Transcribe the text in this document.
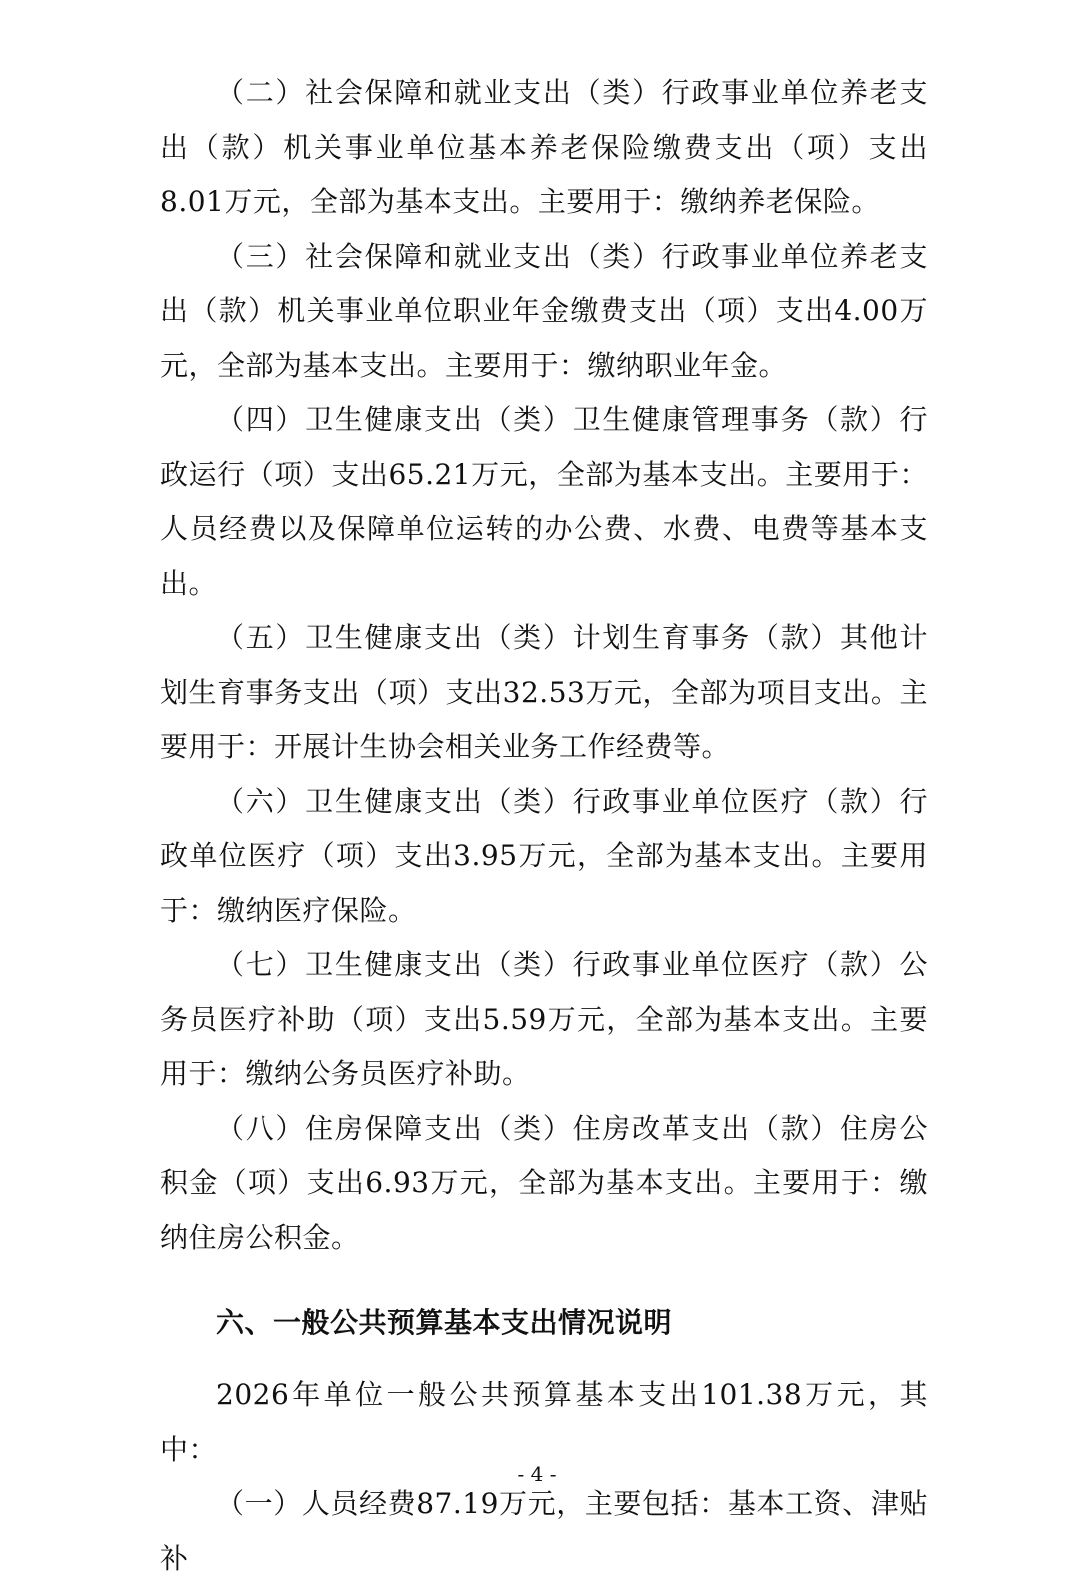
（二）社会保障和就业支出（类）行政事业单位养老支出（款）机关事业单位基本养老保险缴费支出（项）支出8.01万元，全部为基本支出。主要用于：缴纳养老保险。

（三）社会保障和就业支出（类）行政事业单位养老支出（款）机关事业单位职业年金缴费支出（项）支出4.00万元，全部为基本支出。主要用于：缴纳职业年金。

（四）卫生健康支出（类）卫生健康管理事务（款）行政运行（项）支出65.21万元，全部为基本支出。主要用于：人员经费以及保障单位运转的办公费、水费、电费等基本支出。

（五）卫生健康支出（类）计划生育事务（款）其他计划生育事务支出（项）支出32.53万元，全部为项目支出。主要用于：开展计生协会相关业务工作经费等。

（六）卫生健康支出（类）行政事业单位医疗（款）行政单位医疗（项）支出3.95万元，全部为基本支出。主要用于：缴纳医疗保险。

（七）卫生健康支出（类）行政事业单位医疗（款）公务员医疗补助（项）支出5.59万元，全部为基本支出。主要用于：缴纳公务员医疗补助。

（八）住房保障支出（类）住房改革支出（款）住房公积金（项）支出6.93万元，全部为基本支出。主要用于：缴纳住房公积金。

六、一般公共预算基本支出情况说明

2026年单位一般公共预算基本支出101.38万元，其中：

（一）人员经费87.19万元，主要包括：基本工资、津贴补

- 4 -
